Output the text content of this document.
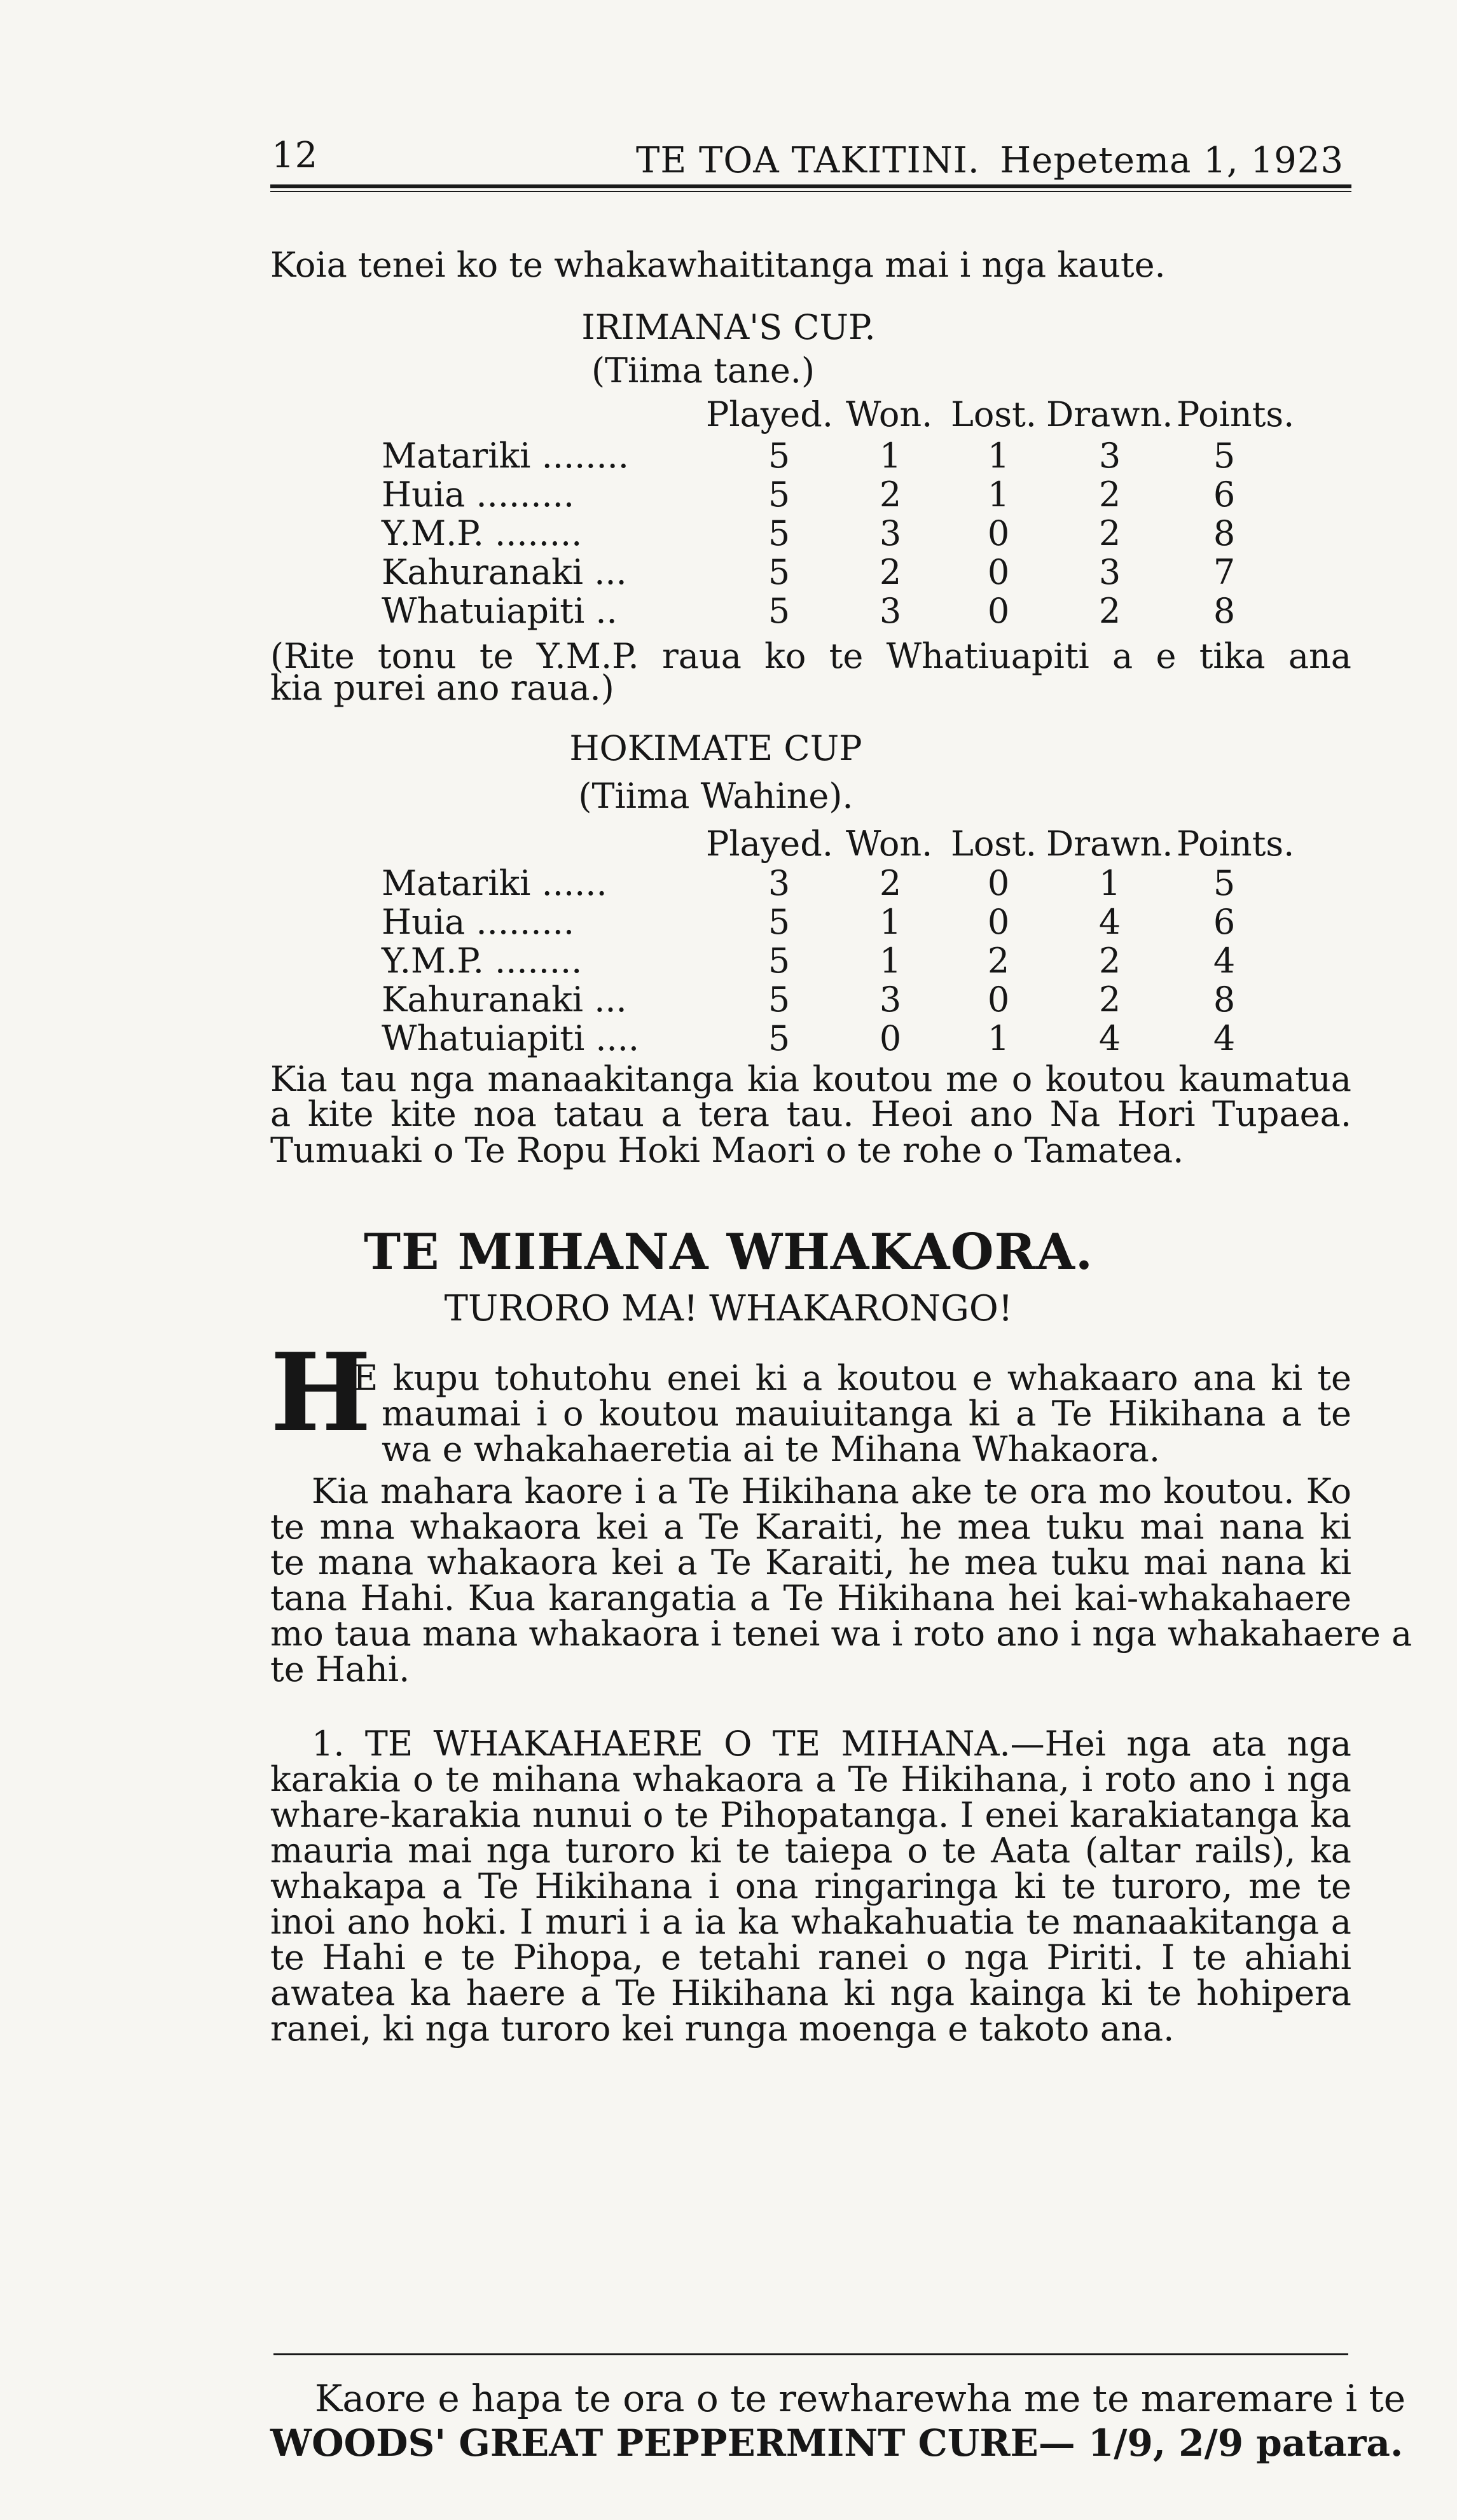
12	TE TOA TAKITINI. Hepetema 1, 1923
Koia tenei ko te whakawhaititanga mai i nga kaute.
IRIMANA'S CUP.
(Tiima tane.)
Played. Won. Lost. Drawn. Points.
Matariki ........	5	1	1	3	5
Huia .........	5	2	1	2	6
Y.M.P. ........	5	3	0	2	8
Kahuranaki ...	5	2	0	3	7
Whatuiapiti ..	5	3	0	2	8
(Rite tonu te Y.M.P. raua ko te Whatiuapiti a e tika ana
kia purei ano raua.)
HOKIMATE CUP
(Tiima Wahine).
Played. Won. Lost. Drawn. Points.
Matariki ......	3	2	0	1	5
Huia .........	5	1	0	4	6
Y.M.P. ........	5	1	2	2	4
Kahuranaki ...	5	3	0	2	8
Whatuiapiti ....	5	0	1	4	4
Kia tau nga manaakitanga kia koutou me o koutou kaumatua
a kite kite noa tatau a tera tau. Heoi ano Na Hori Tupaea.
Tumuaki o Te Ropu Hoki Maori o te rohe o Tamatea.
TE MIHANA WHAKAORA.
TURORO MA! WHAKARONGO!
H
E kupu tohutohu enei ki a koutou e whakaaro ana ki te
maumai i o koutou mauiuitanga ki a Te Hikihana a te
wa e whakahaeretia ai te Mihana Whakaora.
Kia mahara kaore i a Te Hikihana ake te ora mo koutou. Ko
te mna whakaora kei a Te Karaiti, he mea tuku mai nana ki
te mana whakaora kei a Te Karaiti, he mea tuku mai nana ki
tana Hahi. Kua karangatia a Te Hikihana hei kai-whakahaere
mo taua mana whakaora i tenei wa i roto ano i nga whakahaere a
te Hahi.
1. TE WHAKAHAERE O TE MIHANA.—Hei nga ata nga
karakia o te mihana whakaora a Te Hikihana, i roto ano i nga
whare-karakia nunui o te Pihopatanga. I enei karakiatanga ka
mauria mai nga turoro ki te taiepa o te Aata (altar rails), ka
whakapa a Te Hikihana i ona ringaringa ki te turoro, me te
inoi ano hoki. I muri i a ia ka whakahuatia te manaakitanga a
te Hahi e te Pihopa, e tetahi ranei o nga Piriti. I te ahiahi
awatea ka haere a Te Hikihana ki nga kainga ki te hohipera
ranei, ki nga turoro kei runga moenga e takoto ana.
Kaore e hapa te ora o te rewharewha me te maremare i te
WOODS' GREAT PEPPERMINT CURE— 1/9, 2/9 patara.
